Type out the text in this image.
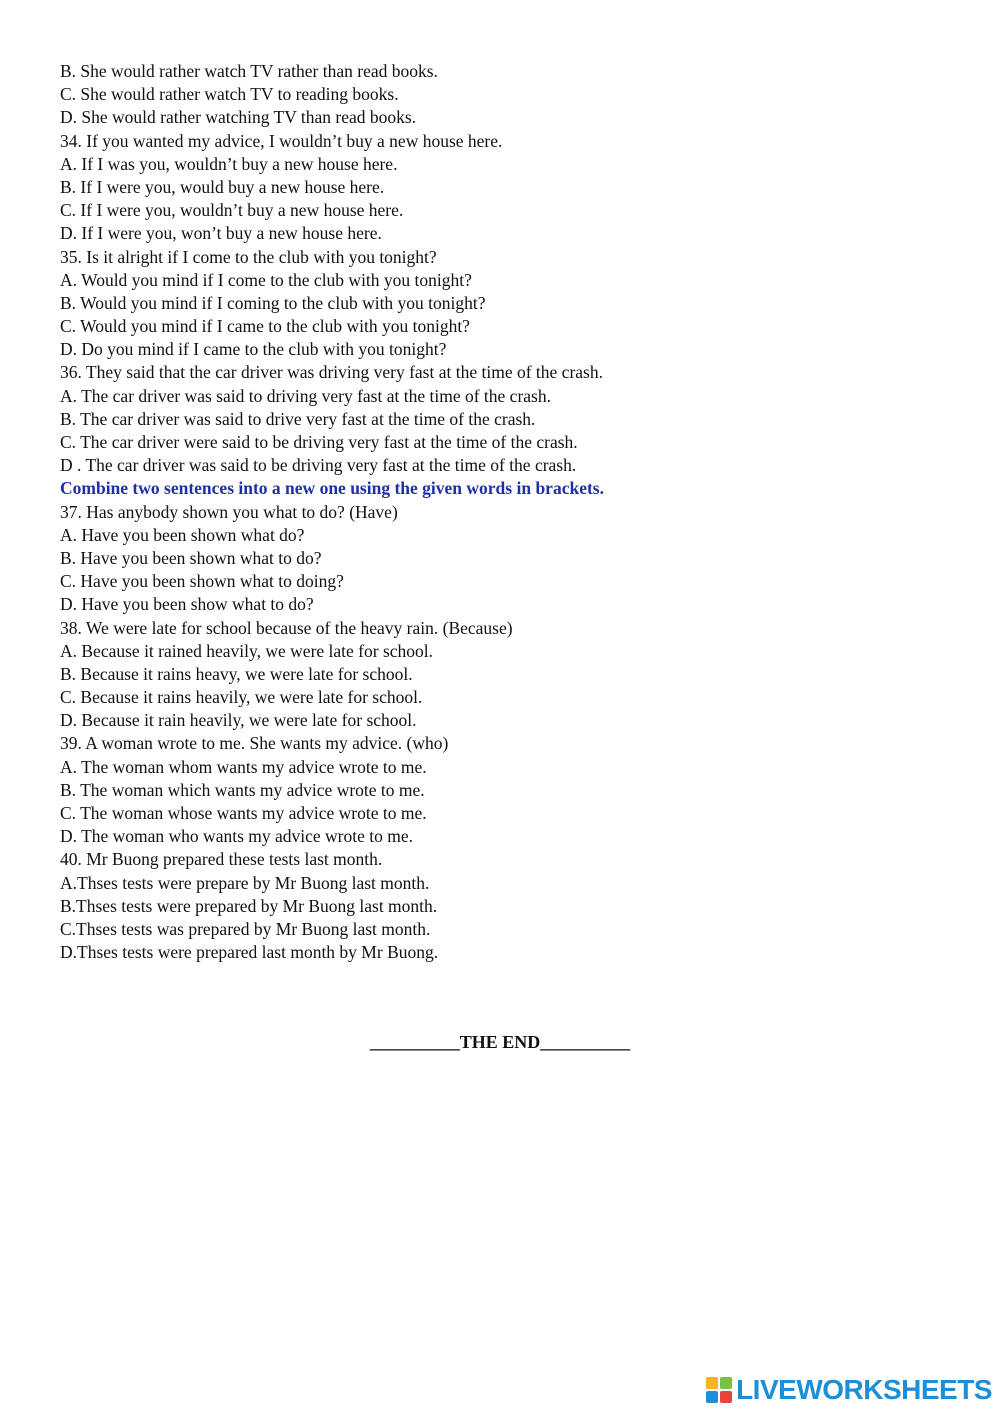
B. She would rather watch TV rather than read books.
C. She would rather watch TV to reading books.
D. She would rather watching TV than read books.
34. If you wanted my advice, I wouldn’t buy a new house here.
A. If I was you, wouldn’t buy a new house here.
B. If I were you, would buy a new house here.
C. If I were you, wouldn’t buy a new house here.
D. If I were you, won’t buy a new house here.
35. Is it alright if I come to the club with you tonight?
A. Would you mind if I come to the club with you tonight?
B. Would you mind if I coming to the club with you tonight?
C. Would you mind if I came to the club with you tonight?
D. Do you mind if I came to the club with you tonight?
36. They said that the car driver was driving very fast at the time of the crash.
A. The car driver was said to driving very fast at the time of the crash.
B. The car driver was said to drive very fast at the time of the crash.
C. The car driver were said to be driving very fast at the time of the crash.
D . The car driver was said to be driving very fast at the time of the crash.
Combine two sentences into a new one using the given words in brackets.
37. Has anybody shown you what to do? (Have)
A. Have you been shown what do?
B. Have you been shown what to do?
C. Have you been shown what to doing?
D. Have you been show what to do?
38. We were late for school because of the heavy rain. (Because)
A. Because it rained heavily, we were late for school.
B. Because it rains heavy, we were late for school.
C. Because it rains heavily, we were late for school.
D. Because it rain heavily, we were late for school.
39. A woman wrote to me. She wants my advice. (who)
A. The woman whom wants my advice wrote to me.
B. The woman which wants my advice wrote to me.
C. The woman whose wants my advice wrote to me.
D. The woman who wants my advice wrote to me.
40. Mr Buong prepared these tests last month.
A.Thses tests were prepare by Mr Buong last month.
B.Thses tests were prepared by Mr Buong last month.
C.Thses tests was prepared by Mr Buong last month.
D.Thses tests were prepared last month by Mr Buong.
__________THE END__________
LIVEWORKSHEETS
